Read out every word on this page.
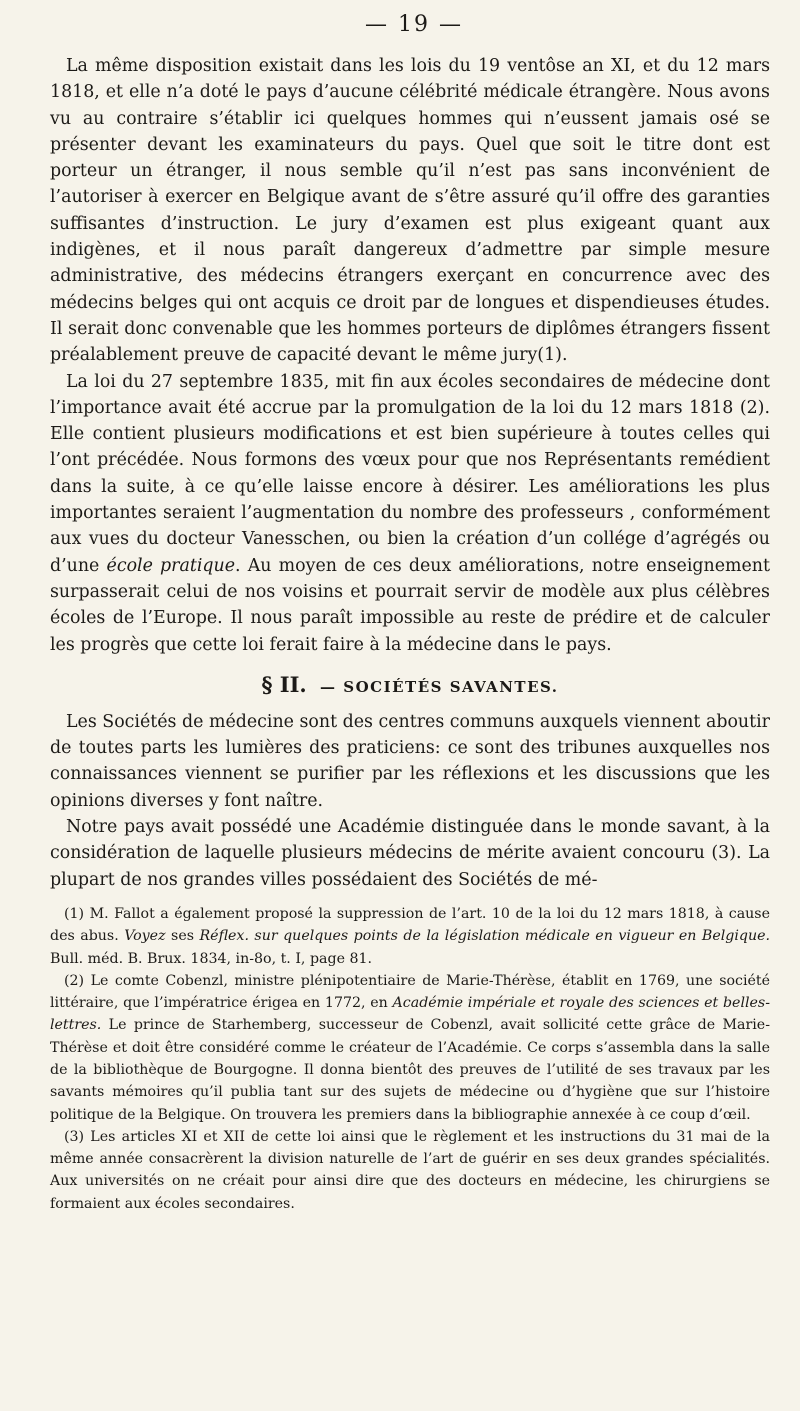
— 19 —

La même disposition existait dans les lois du 19 ventôse an XI, et du 12 mars 1818, et elle n’a doté le pays d’aucune célébrité médicale étrangère. Nous avons vu au contraire s’établir ici quelques hommes qui n’eussent jamais osé se présenter devant les examinateurs du pays. Quel que soit le titre dont est porteur un étranger, il nous semble qu’il n’est pas sans inconvénient de l’autoriser à exercer en Belgique avant de s’être assuré qu’il offre des garanties suffisantes d’instruction. Le jury d’examen est plus exigeant quant aux indigènes, et il nous paraît dangereux d’admettre par simple mesure administrative, des médecins étrangers exerçant en concurrence avec des médecins belges qui ont acquis ce droit par de longues et dispendieuses études. Il serait donc convenable que les hommes porteurs de diplômes étrangers fissent préalablement preuve de capacité devant le même jury(1).

La loi du 27 septembre 1835, mit fin aux écoles secondaires de médecine dont l’importance avait été accrue par la promulgation de la loi du 12 mars 1818 (2). Elle contient plusieurs modifications et est bien supérieure à toutes celles qui l’ont précédée. Nous formons des vœux pour que nos Représentants remédient dans la suite, à ce qu’elle laisse encore à désirer. Les améliorations les plus importantes seraient l’augmentation du nombre des professeurs , conformément aux vues du docteur Vanesschen, ou bien la création d’un collége d’agrégés ou d’une école pratique. Au moyen de ces deux améliorations, notre enseignement surpasserait celui de nos voisins et pourrait servir de modèle aux plus célèbres écoles de l’Europe. Il nous paraît impossible au reste de prédire et de calculer les progrès que cette loi ferait faire à la médecine dans le pays.

§ II. — SOCIÉTÉS SAVANTES.

Les Sociétés de médecine sont des centres communs auxquels viennent aboutir de toutes parts les lumières des praticiens: ce sont des tribunes auxquelles nos connaissances viennent se purifier par les réflexions et les discussions que les opinions diverses y font naître.

Notre pays avait possédé une Académie distinguée dans le monde savant, à la considération de laquelle plusieurs médecins de mérite avaient concouru (3). La plupart de nos grandes villes possédaient des Sociétés de mé-

(1) M. Fallot a également proposé la suppression de l’art. 10 de la loi du 12 mars 1818, à cause des abus. Voyez ses Réflex. sur quelques points de la législation médicale en vigueur en Belgique. Bull. méd. B. Brux. 1834, in-8o, t. I, page 81.

(2) Le comte Cobenzl, ministre plénipotentiaire de Marie-Thérèse, établit en 1769, une société littéraire, que l’impératrice érigea en 1772, en Académie impériale et royale des sciences et belles-lettres. Le prince de Starhemberg, successeur de Cobenzl, avait sollicité cette grâce de Marie-Thérèse et doit être considéré comme le créateur de l’Académie. Ce corps s’assembla dans la salle de la bibliothèque de Bourgogne. Il donna bientôt des preuves de l’utilité de ses travaux par les savants mémoires qu’il publia tant sur des sujets de médecine ou d’hygiène que sur l’histoire politique de la Belgique. On trouvera les premiers dans la bibliographie annexée à ce coup d’œil.

(3) Les articles XI et XII de cette loi ainsi que le règlement et les instructions du 31 mai de la même année consacrèrent la division naturelle de l’art de guérir en ses deux grandes spécialités. Aux universités on ne créait pour ainsi dire que des docteurs en médecine, les chirurgiens se formaient aux écoles secondaires.
